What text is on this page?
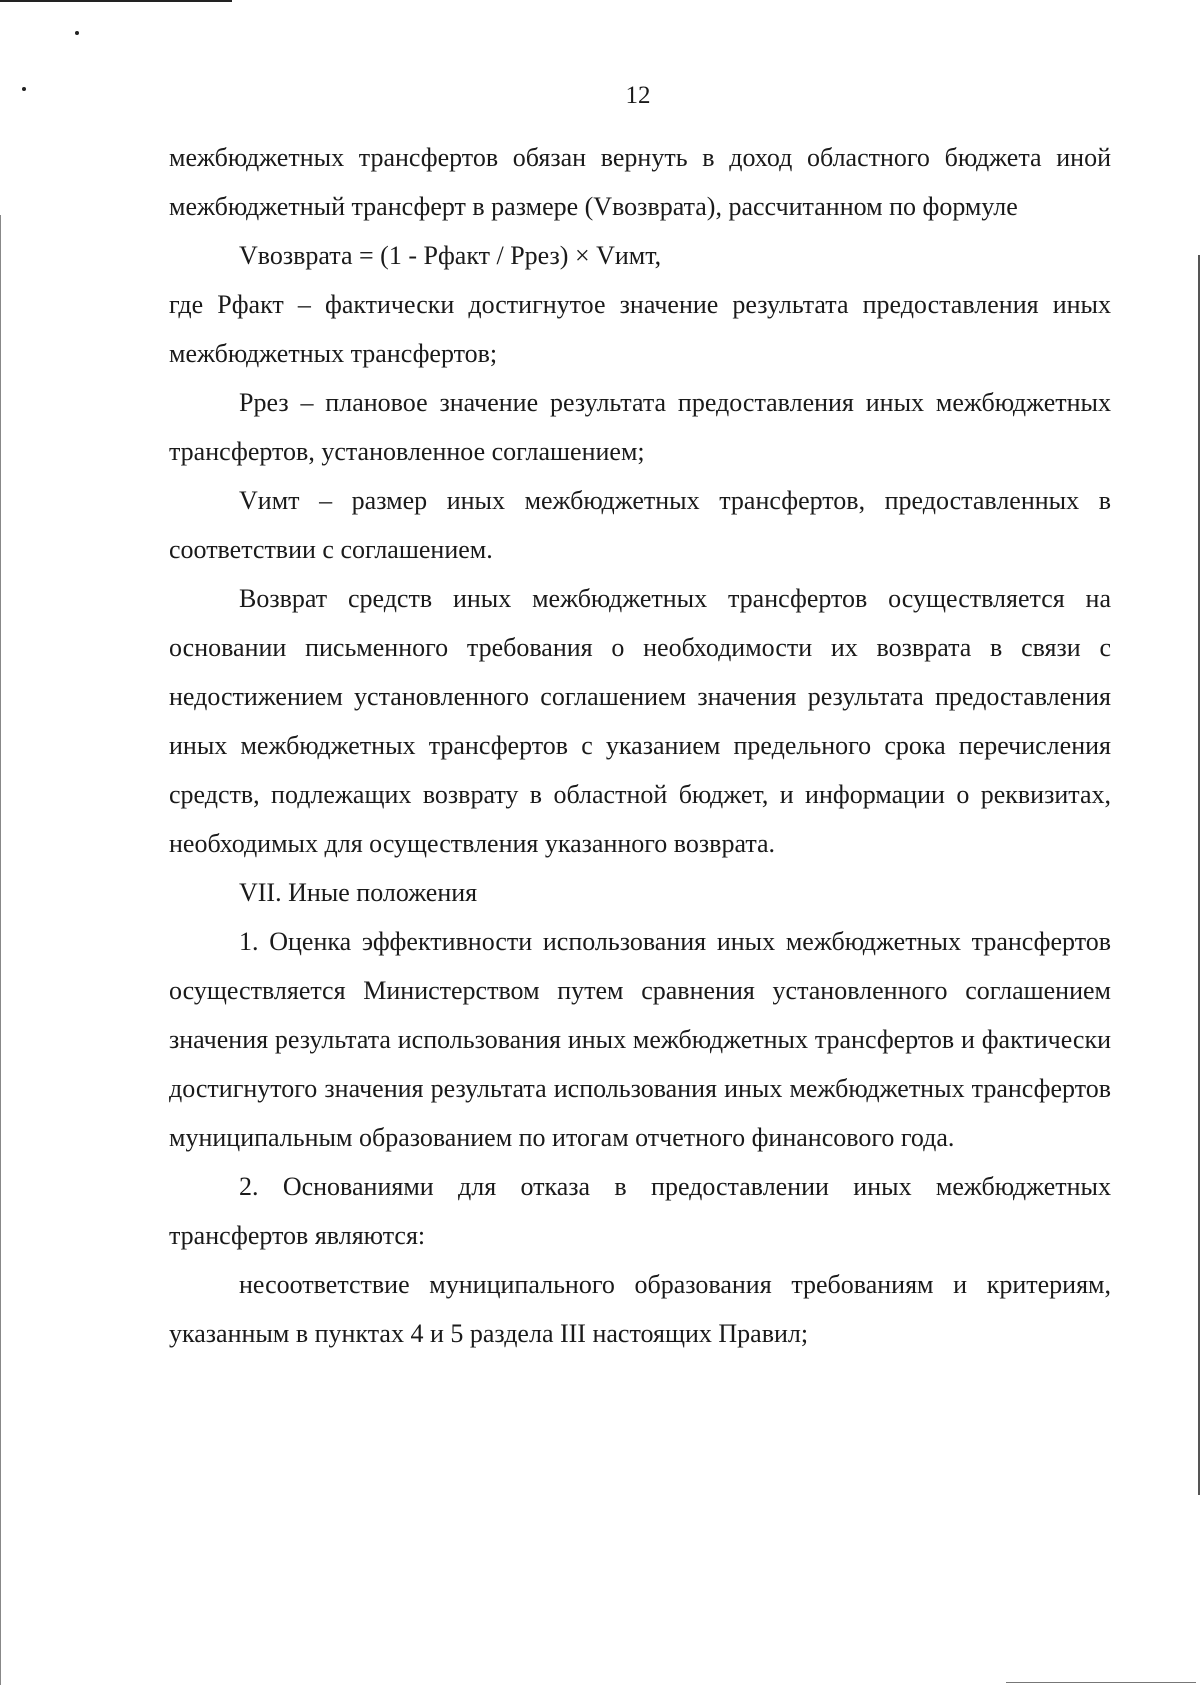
12

межбюджетных трансфертов обязан вернуть в доход областного бюджета иной межбюджетный трансферт в размере (Vвозврата), рассчитанном по формуле

Vвозврата = (1 - Рфакт / Ррез) × Vимт,

где Рфакт – фактически достигнутое значение результата предоставления иных межбюджетных трансфертов;

Ррез – плановое значение результата предоставления иных межбюджетных трансфертов, установленное соглашением;

Vимт – размер иных межбюджетных трансфертов, предоставленных в соответствии с соглашением.

Возврат средств иных межбюджетных трансфертов осуществляется на основании письменного требования о необходимости их возврата в связи с недостижением установленного соглашением значения результата предоставления иных межбюджетных трансфертов с указанием предельного срока перечисления средств, подлежащих возврату в областной бюджет, и информации о реквизитах, необходимых для осуществления указанного возврата.

VII. Иные положения

1. Оценка эффективности использования иных межбюджетных трансфертов осуществляется Министерством путем сравнения установленного соглашением значения результата использования иных межбюджетных трансфертов и фактически достигнутого значения результата использования иных межбюджетных трансфертов муниципальным образованием по итогам отчетного финансового года.

2. Основаниями для отказа в предоставлении иных межбюджетных трансфертов являются:

несоответствие муниципального образования требованиям и критериям, указанным в пунктах 4 и 5 раздела III настоящих Правил;
